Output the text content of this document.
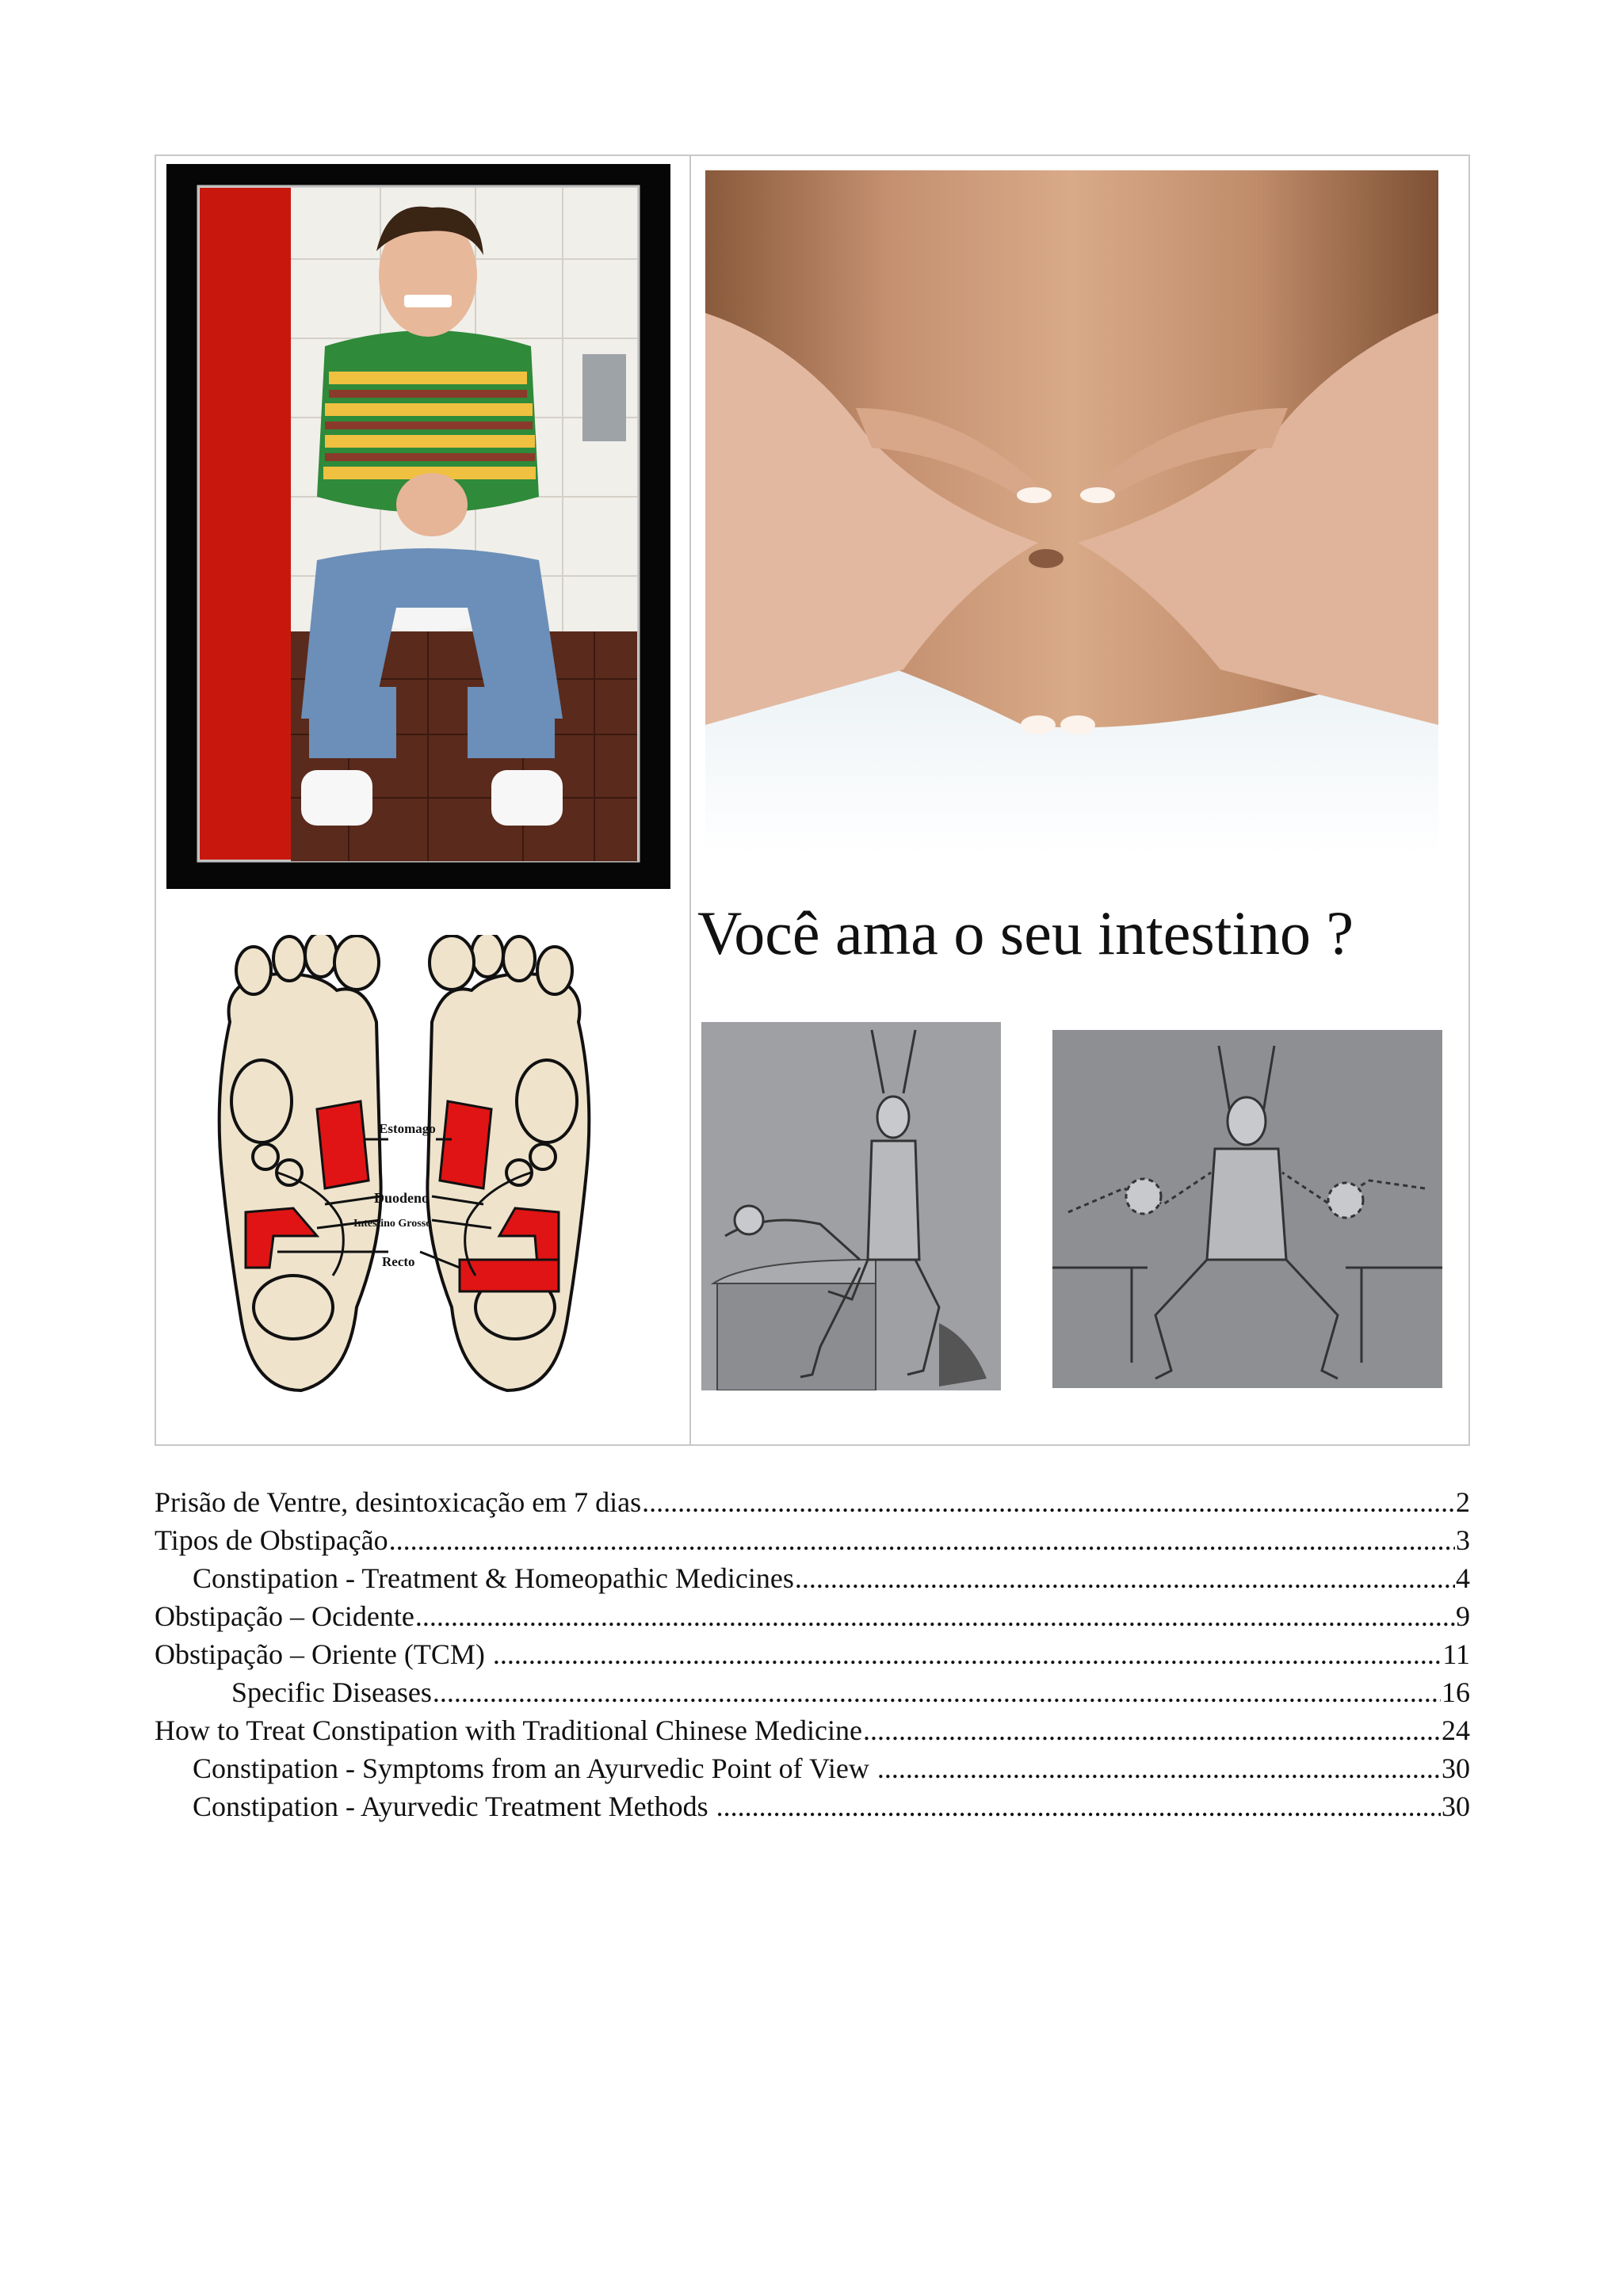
Você ama o seu intestino ?
Estomago
Duodeno
Intestino Grosso
Recto
Prisão de Ventre, desintoxicação em 7 dias .....	2
Tipos de Obstipação .....	3
Constipation - Treatment & Homeopathic Medicines .....	4
Obstipação – Ocidente .....	9
Obstipação – Oriente (TCM) .....	11
Specific Diseases .....	16
How to Treat Constipation with Traditional Chinese Medicine .....	24
Constipation - Symptoms from an Ayurvedic Point of View .....	30
Constipation - Ayurvedic Treatment Methods .....	30
